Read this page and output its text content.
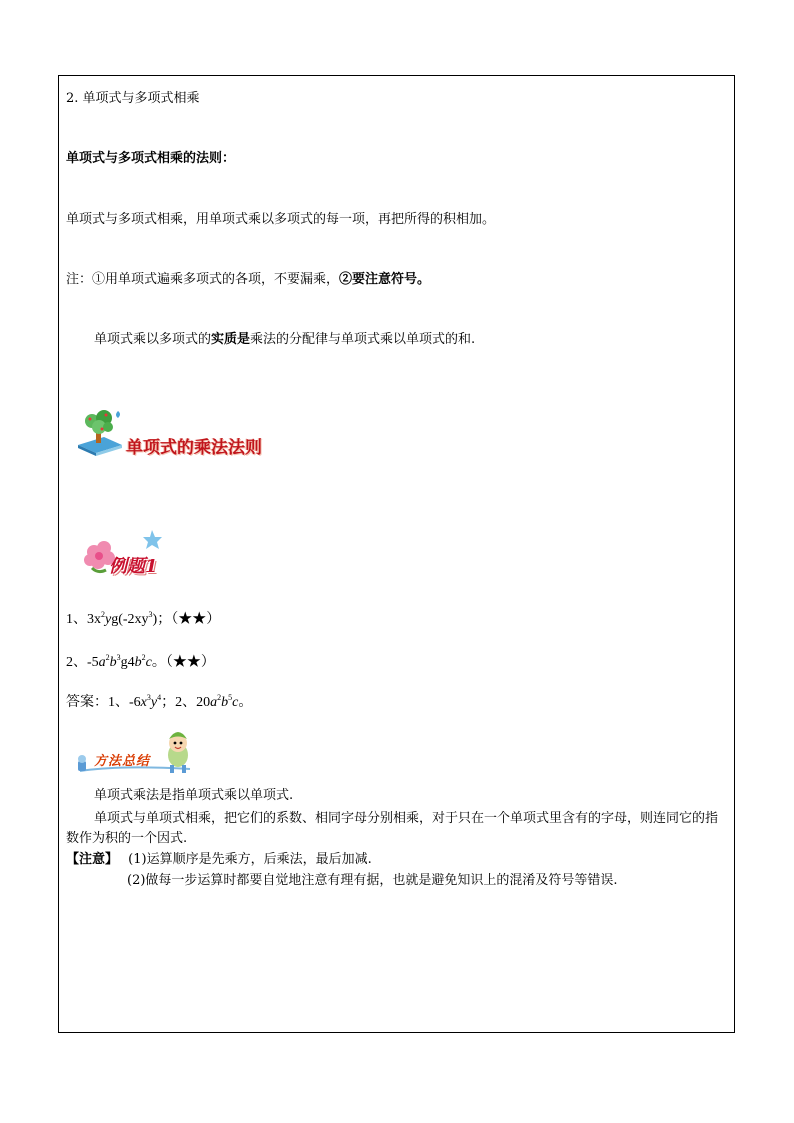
2. 单项式与多项式相乘
单项式与多项式相乘的法则：
单项式与多项式相乘，用单项式乘以多项式的每一项，再把所得的积相加。
注：①用单项式遍乘多项式的各项，不要漏乘，②要注意符号。
单项式乘以多项式的实质是乘法的分配律与单项式乘以单项式的和.
单项式的乘法法则
例题1
1、$3x^2yg(-2xy^3)$；（★★）
2、$-5a^2b^3g4b^2c$。（★★）
答案：1、$-6x^3y^4$；2、$20a^2b^5c$。
方法总结
单项式乘法是指单项式乘以单项式.
单项式与单项式相乘，把它们的系数、相同字母分别相乘，对于只在一个单项式里含有的字母，则连同它的指数作为积的一个因式.
【注意】 (1)运算顺序是先乘方，后乘法，最后加减.
(2)做每一步运算时都要自觉地注意有理有据，也就是避免知识上的混淆及符号等错误.
